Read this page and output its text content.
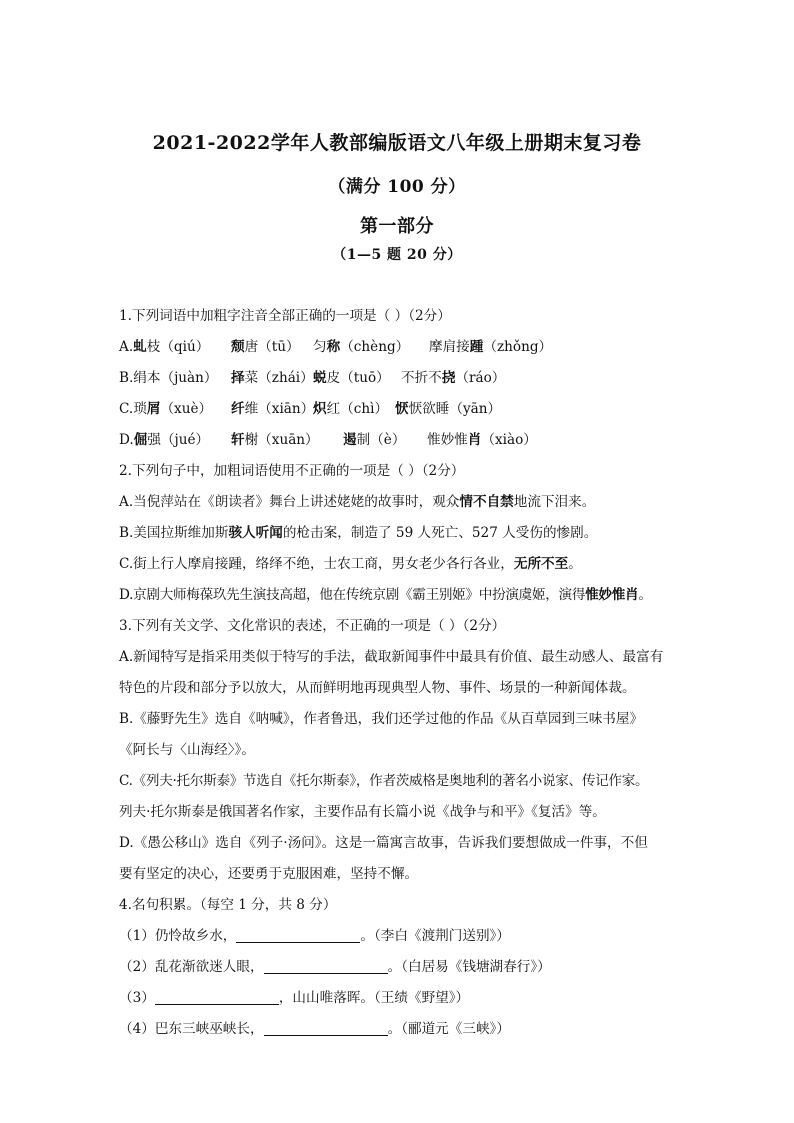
2021-2022学年人教部编版语文八年级上册期末复习卷
（满分 100 分）
第一部分
（1—5 题 20 分）
1.下列词语中加粗字注音全部正确的一项是（ ）（2分）
A.虬枝（qiú） 颓唐（tū） 匀称（chèng） 摩肩接踵（zhǒng）
B.绢本（juàn） 择菜（zhái）蜕皮（tuō） 不折不挠（ráo）
C.琐屑（xuè） 纤维（xiān）炽红（chì） 恹恹欲睡（yān）
D.倔强（jué） 轩榭（xuān） 遏制（è） 惟妙惟肖（xiào）
2.下列句子中，加粗词语使用不正确的一项是（ ）（2分）
A.当倪萍站在《朗读者》舞台上讲述姥姥的故事时，观众情不自禁地流下泪来。
B.美国拉斯维加斯骇人听闻的枪击案，制造了 59 人死亡、527 人受伤的惨剧。
C.街上行人摩肩接踵，络绎不绝，士农工商，男女老少各行各业，无所不至。
D.京剧大师梅葆玖先生演技高超，他在传统京剧《霸王别姬》中扮演虞姬，演得惟妙惟肖。
3.下列有关文学、文化常识的表述，不正确的一项是（ ）（2分）
A.新闻特写是指采用类似于特写的手法，截取新闻事件中最具有价值、最生动感人、最富有
特色的片段和部分予以放大，从而鲜明地再现典型人物、事件、场景的一种新闻体裁。
B.《藤野先生》选自《呐喊》，作者鲁迅，我们还学过他的作品《从百草园到三味书屋》
《阿长与〈山海经〉》。
C.《列夫·托尔斯泰》节选自《托尔斯泰》，作者茨威格是奥地利的著名小说家、传记作家。
列夫·托尔斯泰是俄国著名作家，主要作品有长篇小说《战争与和平》《复活》等。
D.《愚公移山》选自《列子·汤问》。这是一篇寓言故事，告诉我们要想做成一件事，不但
要有坚定的决心，还要勇于克服困难，坚持不懈。
4.名句积累。（每空 1 分，共 8 分）
（1）仍怜故乡水，	。（李白《渡荆门送别》）
（2）乱花渐欲迷人眼，	。（白居易《钱塘湖春行》）
（3）	，山山唯落晖。（王绩《野望》）
（4）巴东三峡巫峡长，	。（郦道元《三峡》）
